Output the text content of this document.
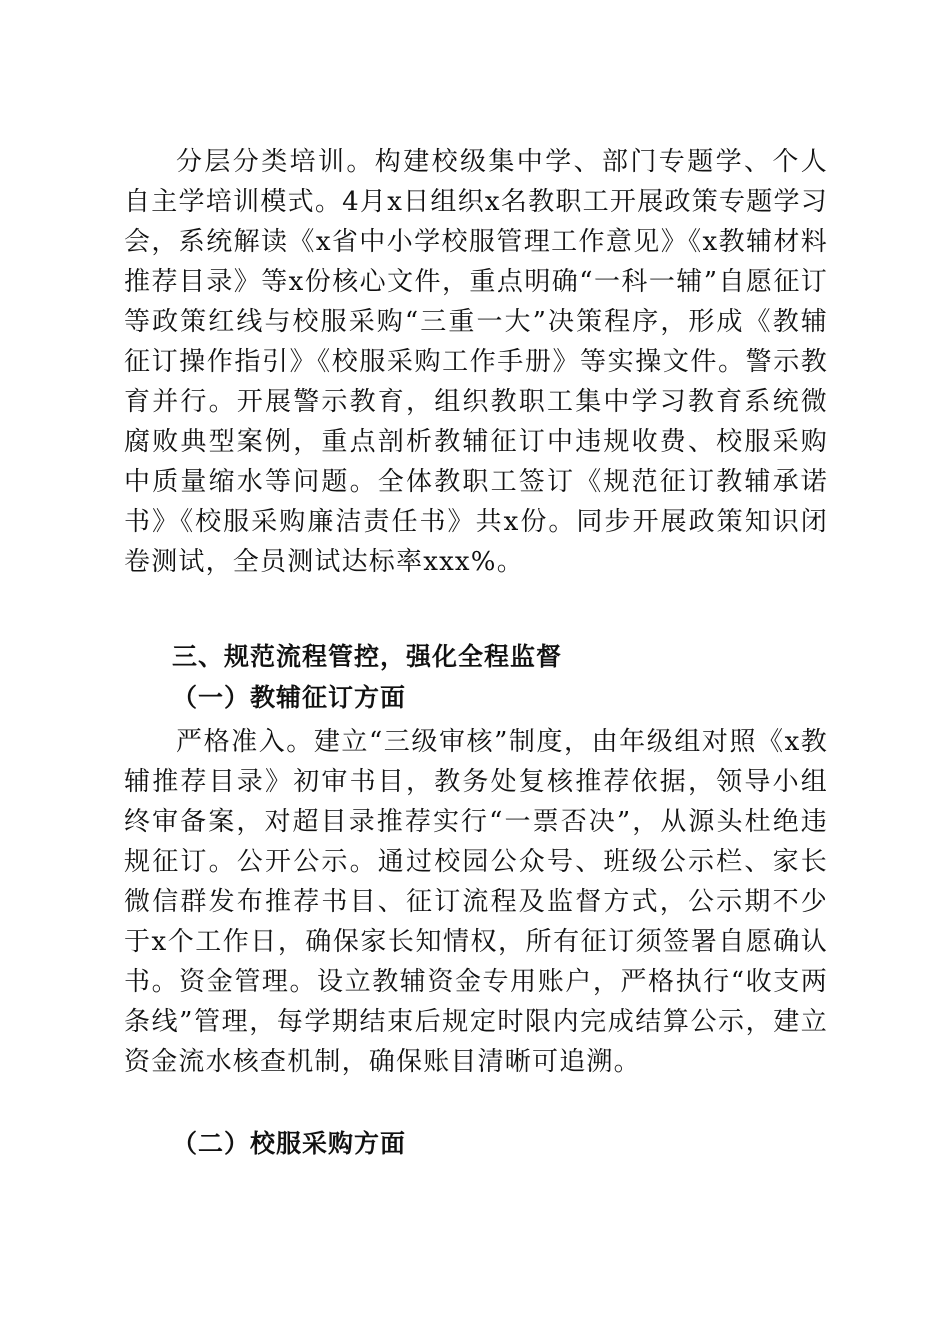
分层分类培训。构建校级集中学、部门专题学、个人自主学培训模式。4月x日组织x名教职工开展政策专题学习会，系统解读《x省中小学校服管理工作意见》《x教辅材料推荐目录》等x份核心文件，重点明确“一科一辅”自愿征订等政策红线与校服采购“三重一大”决策程序，形成《教辅征订操作指引》《校服采购工作手册》等实操文件。警示教育并行。开展警示教育，组织教职工集中学习教育系统微腐败典型案例，重点剖析教辅征订中违规收费、校服采购中质量缩水等问题。全体教职工签订《规范征订教辅承诺书》《校服采购廉洁责任书》共x份。同步开展政策知识闭卷测试，全员测试达标率xxx%。

三、规范流程管控，强化全程监督
（一）教辅征订方面

严格准入。建立“三级审核”制度，由年级组对照《x教辅推荐目录》初审书目，教务处复核推荐依据，领导小组终审备案，对超目录推荐实行“一票否决”，从源头杜绝违规征订。公开公示。通过校园公众号、班级公示栏、家长微信群发布推荐书目、征订流程及监督方式，公示期不少于x个工作日，确保家长知情权，所有征订须签署自愿确认书。资金管理。设立教辅资金专用账户，严格执行“收支两条线”管理，每学期结束后规定时限内完成结算公示，建立资金流水核查机制，确保账目清晰可追溯。

（二）校服采购方面
